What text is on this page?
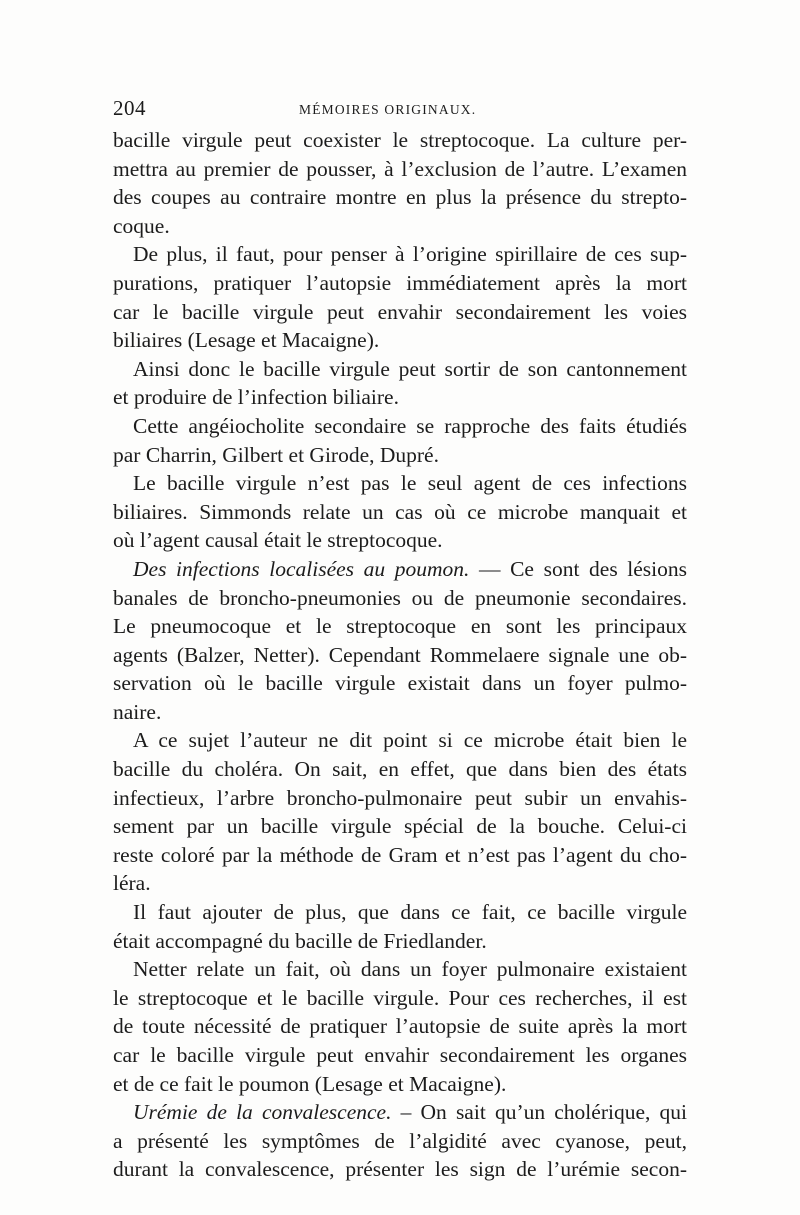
204	MÉMOIRES ORIGINAUX.
bacille virgule peut coexister le streptocoque. La culture per-
mettra au premier de pousser, à l’exclusion de l’autre. L’examen
des coupes au contraire montre en plus la présence du strepto-
coque.
De plus, il faut, pour penser à l’origine spirillaire de ces sup-
purations, pratiquer l’autopsie immédiatement après la mort
car le bacille virgule peut envahir secondairement les voies
biliaires (Lesage et Macaigne).
Ainsi donc le bacille virgule peut sortir de son cantonnement
et produire de l’infection biliaire.
Cette angéiocholite secondaire se rapproche des faits étudiés
par Charrin, Gilbert et Girode, Dupré.
Le bacille virgule n’est pas le seul agent de ces infections
biliaires. Simmonds relate un cas où ce microbe manquait et
où l’agent causal était le streptocoque.
Des infections localisées au poumon. — Ce sont des lésions
banales de broncho-pneumonies ou de pneumonie secondaires.
Le pneumocoque et le streptocoque en sont les principaux
agents (Balzer, Netter). Cependant Rommelaere signale une ob-
servation où le bacille virgule existait dans un foyer pulmo-
naire.
A ce sujet l’auteur ne dit point si ce microbe était bien le
bacille du choléra. On sait, en effet, que dans bien des états
infectieux, l’arbre broncho-pulmonaire peut subir un envahis-
sement par un bacille virgule spécial de la bouche. Celui-ci
reste coloré par la méthode de Gram et n’est pas l’agent du cho-
léra.
Il faut ajouter de plus, que dans ce fait, ce bacille virgule
était accompagné du bacille de Friedlander.
Netter relate un fait, où dans un foyer pulmonaire existaient
le streptocoque et le bacille virgule. Pour ces recherches, il est
de toute nécessité de pratiquer l’autopsie de suite après la mort
car le bacille virgule peut envahir secondairement les organes
et de ce fait le poumon (Lesage et Macaigne).
Urémie de la convalescence. – On sait qu’un cholérique, qui
a présenté les symptômes de l’algidité avec cyanose, peut,
durant la convalescence, présenter les sign de l’urémie secon-
